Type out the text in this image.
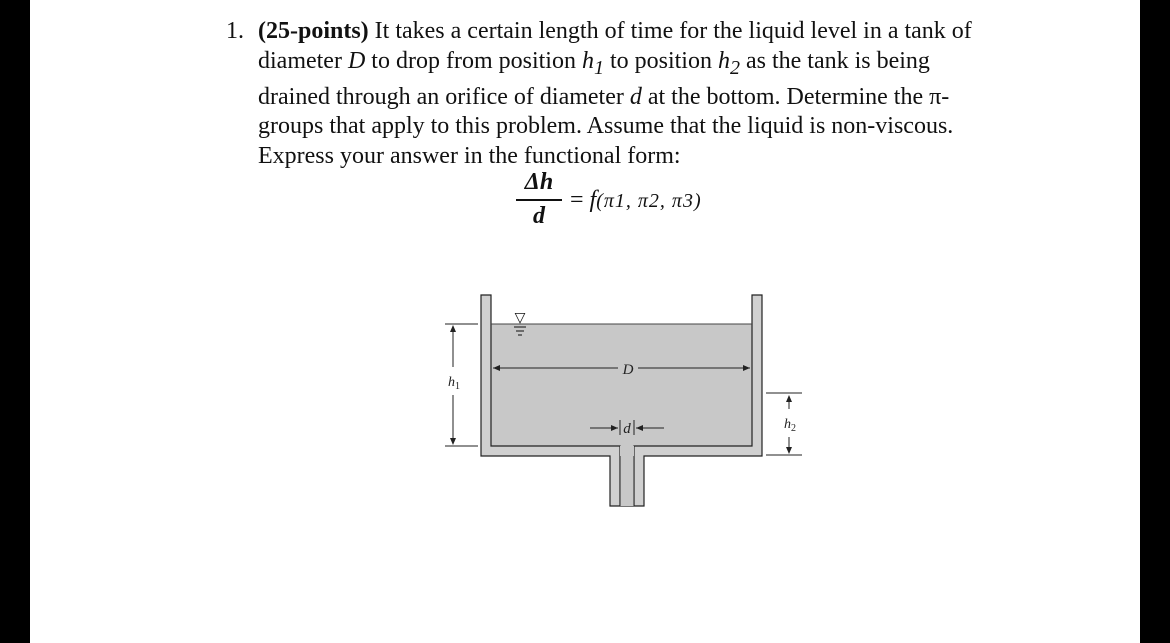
1. (25-points) It takes a certain length of time for the liquid level in a tank of diameter D to drop from position $h_1$ to position $h_2$ as the tank is being drained through an orifice of diameter d at the bottom. Determine the π-groups that apply to this problem. Assume that the liquid is non-viscous. Express your answer in the functional form:
Δh
d
= f(π1, π2, π3)
▽
D
d
$h_1$
$h_2$
